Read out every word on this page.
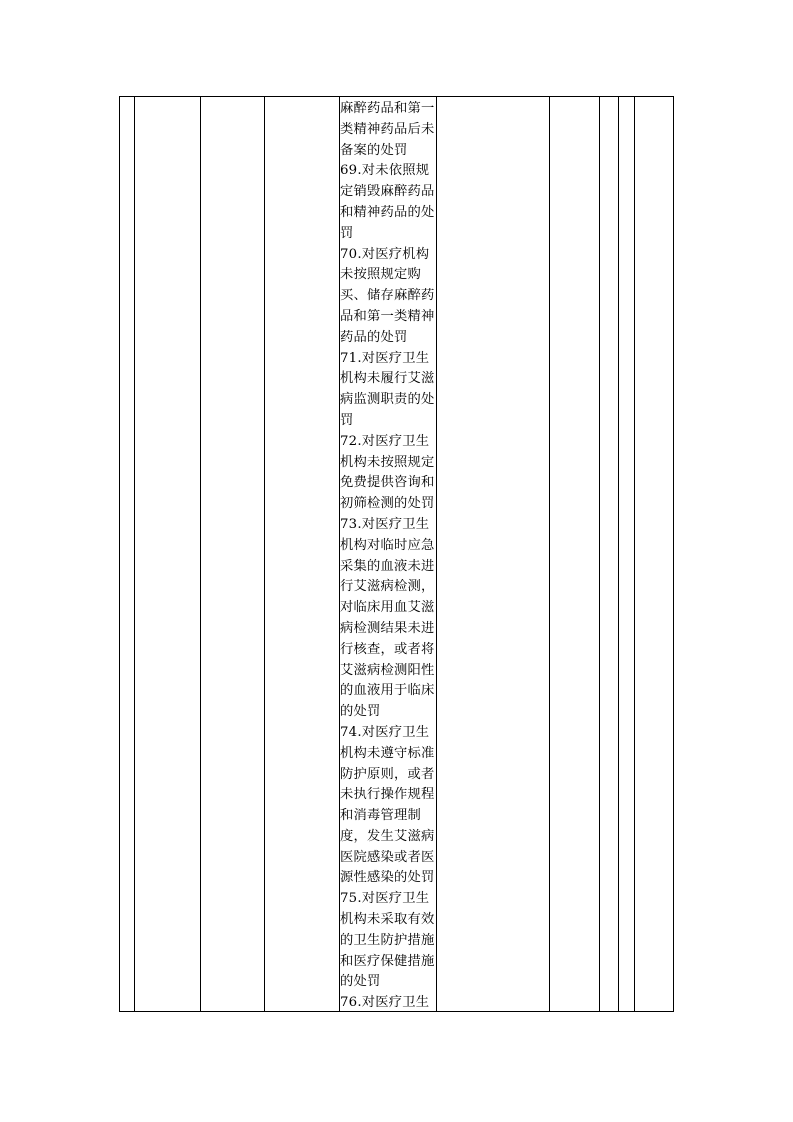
麻醉药品和第一
类精神药品后未
备案的处罚
69.对未依照规
定销毁麻醉药品
和精神药品的处
罚
70.对医疗机构
未按照规定购
买、储存麻醉药
品和第一类精神
药品的处罚
71.对医疗卫生
机构未履行艾滋
病监测职责的处
罚
72.对医疗卫生
机构未按照规定
免费提供咨询和
初筛检测的处罚
73.对医疗卫生
机构对临时应急
采集的血液未进
行艾滋病检测，
对临床用血艾滋
病检测结果未进
行核查，或者将
艾滋病检测阳性
的血液用于临床
的处罚
74.对医疗卫生
机构未遵守标准
防护原则，或者
未执行操作规程
和消毒管理制
度，发生艾滋病
医院感染或者医
源性感染的处罚
75.对医疗卫生
机构未采取有效
的卫生防护措施
和医疗保健措施
的处罚
76.对医疗卫生
